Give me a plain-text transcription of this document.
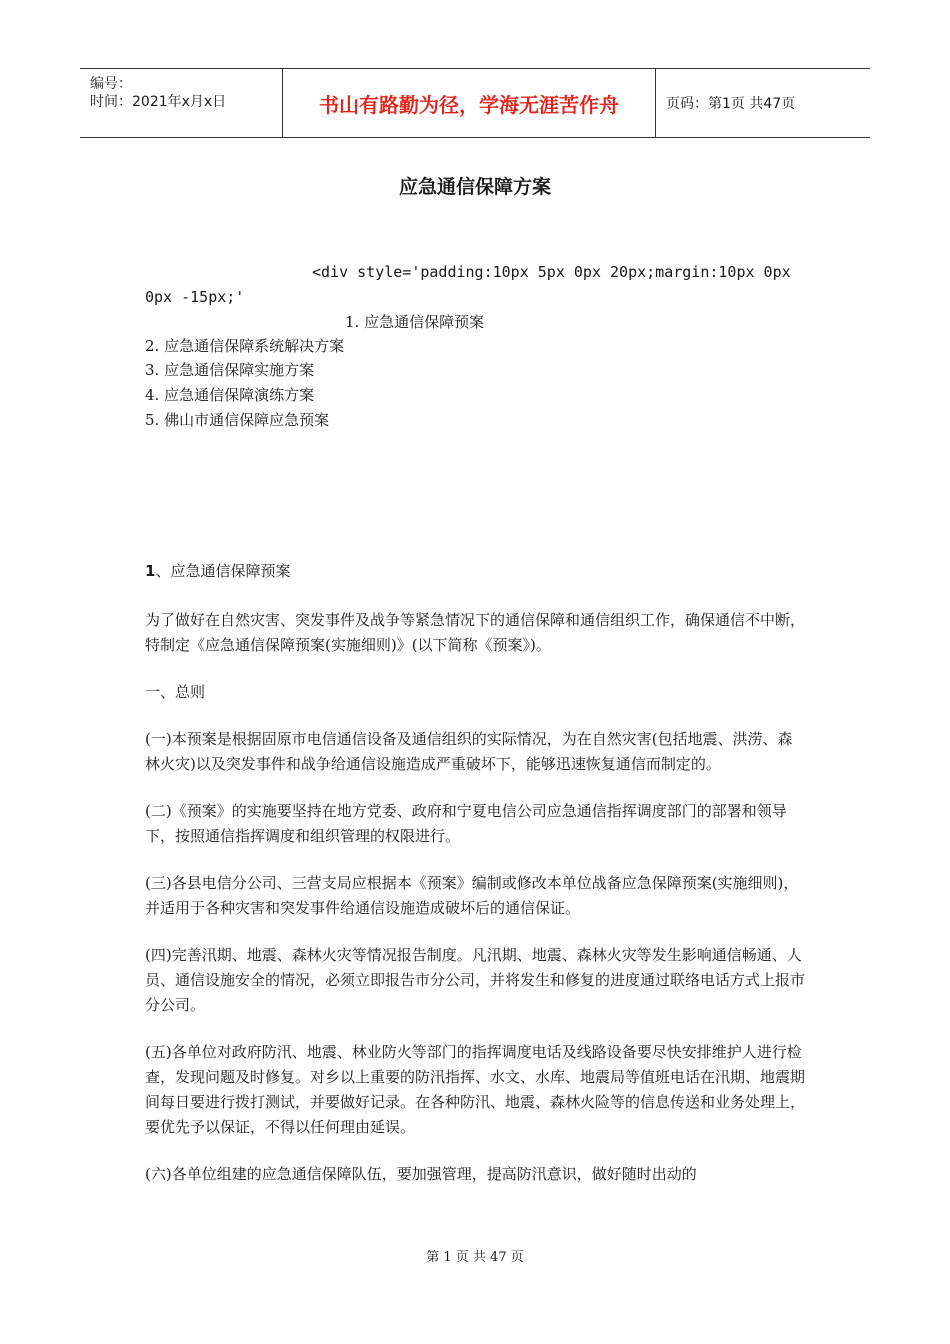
编号：
时间：2021年x月x日	书山有路勤为径，学海无涯苦作舟	页码：第1页 共47页
应急通信保障方案
<div style='padding:10px 5px 0px 20px;margin:10px 0px
0px -15px;'
1. 应急通信保障预案
2. 应急通信保障系统解决方案
3. 应急通信保障实施方案
4. 应急通信保障演练方案
5. 佛山市通信保障应急预案
1、应急通信保障预案

为了做好在自然灾害、突发事件及战争等紧急情况下的通信保障和通信组织工作，确保通信不中断，特制定《应急通信保障预案(实施细则)》(以下简称《预案》)。

一、总则

(一)本预案是根据固原市电信通信设备及通信组织的实际情况，为在自然灾害(包括地震、洪涝、森林火灾)以及突发事件和战争给通信设施造成严重破坏下，能够迅速恢复通信而制定的。

(二)《预案》的实施要坚持在地方党委、政府和宁夏电信公司应急通信指挥调度部门的部署和领导下，按照通信指挥调度和组织管理的权限进行。

(三)各县电信分公司、三营支局应根据本《预案》编制或修改本单位战备应急保障预案(实施细则)，并适用于各种灾害和突发事件给通信设施造成破坏后的通信保证。

(四)完善汛期、地震、森林火灾等情况报告制度。凡汛期、地震、森林火灾等发生影响通信畅通、人员、通信设施安全的情况，必须立即报告市分公司，并将发生和修复的进度通过联络电话方式上报市分公司。

(五)各单位对政府防汛、地震、林业防火等部门的指挥调度电话及线路设备要尽快安排维护人进行检查，发现问题及时修复。对乡以上重要的防汛指挥、水文、水库、地震局等值班电话在汛期、地震期间每日要进行拨打测试，并要做好记录。在各种防汛、地震、森林火险等的信息传送和业务处理上，要优先予以保证，不得以任何理由延误。

(六)各单位组建的应急通信保障队伍，要加强管理，提高防汛意识，做好随时出动的

第 1 页 共 47 页
